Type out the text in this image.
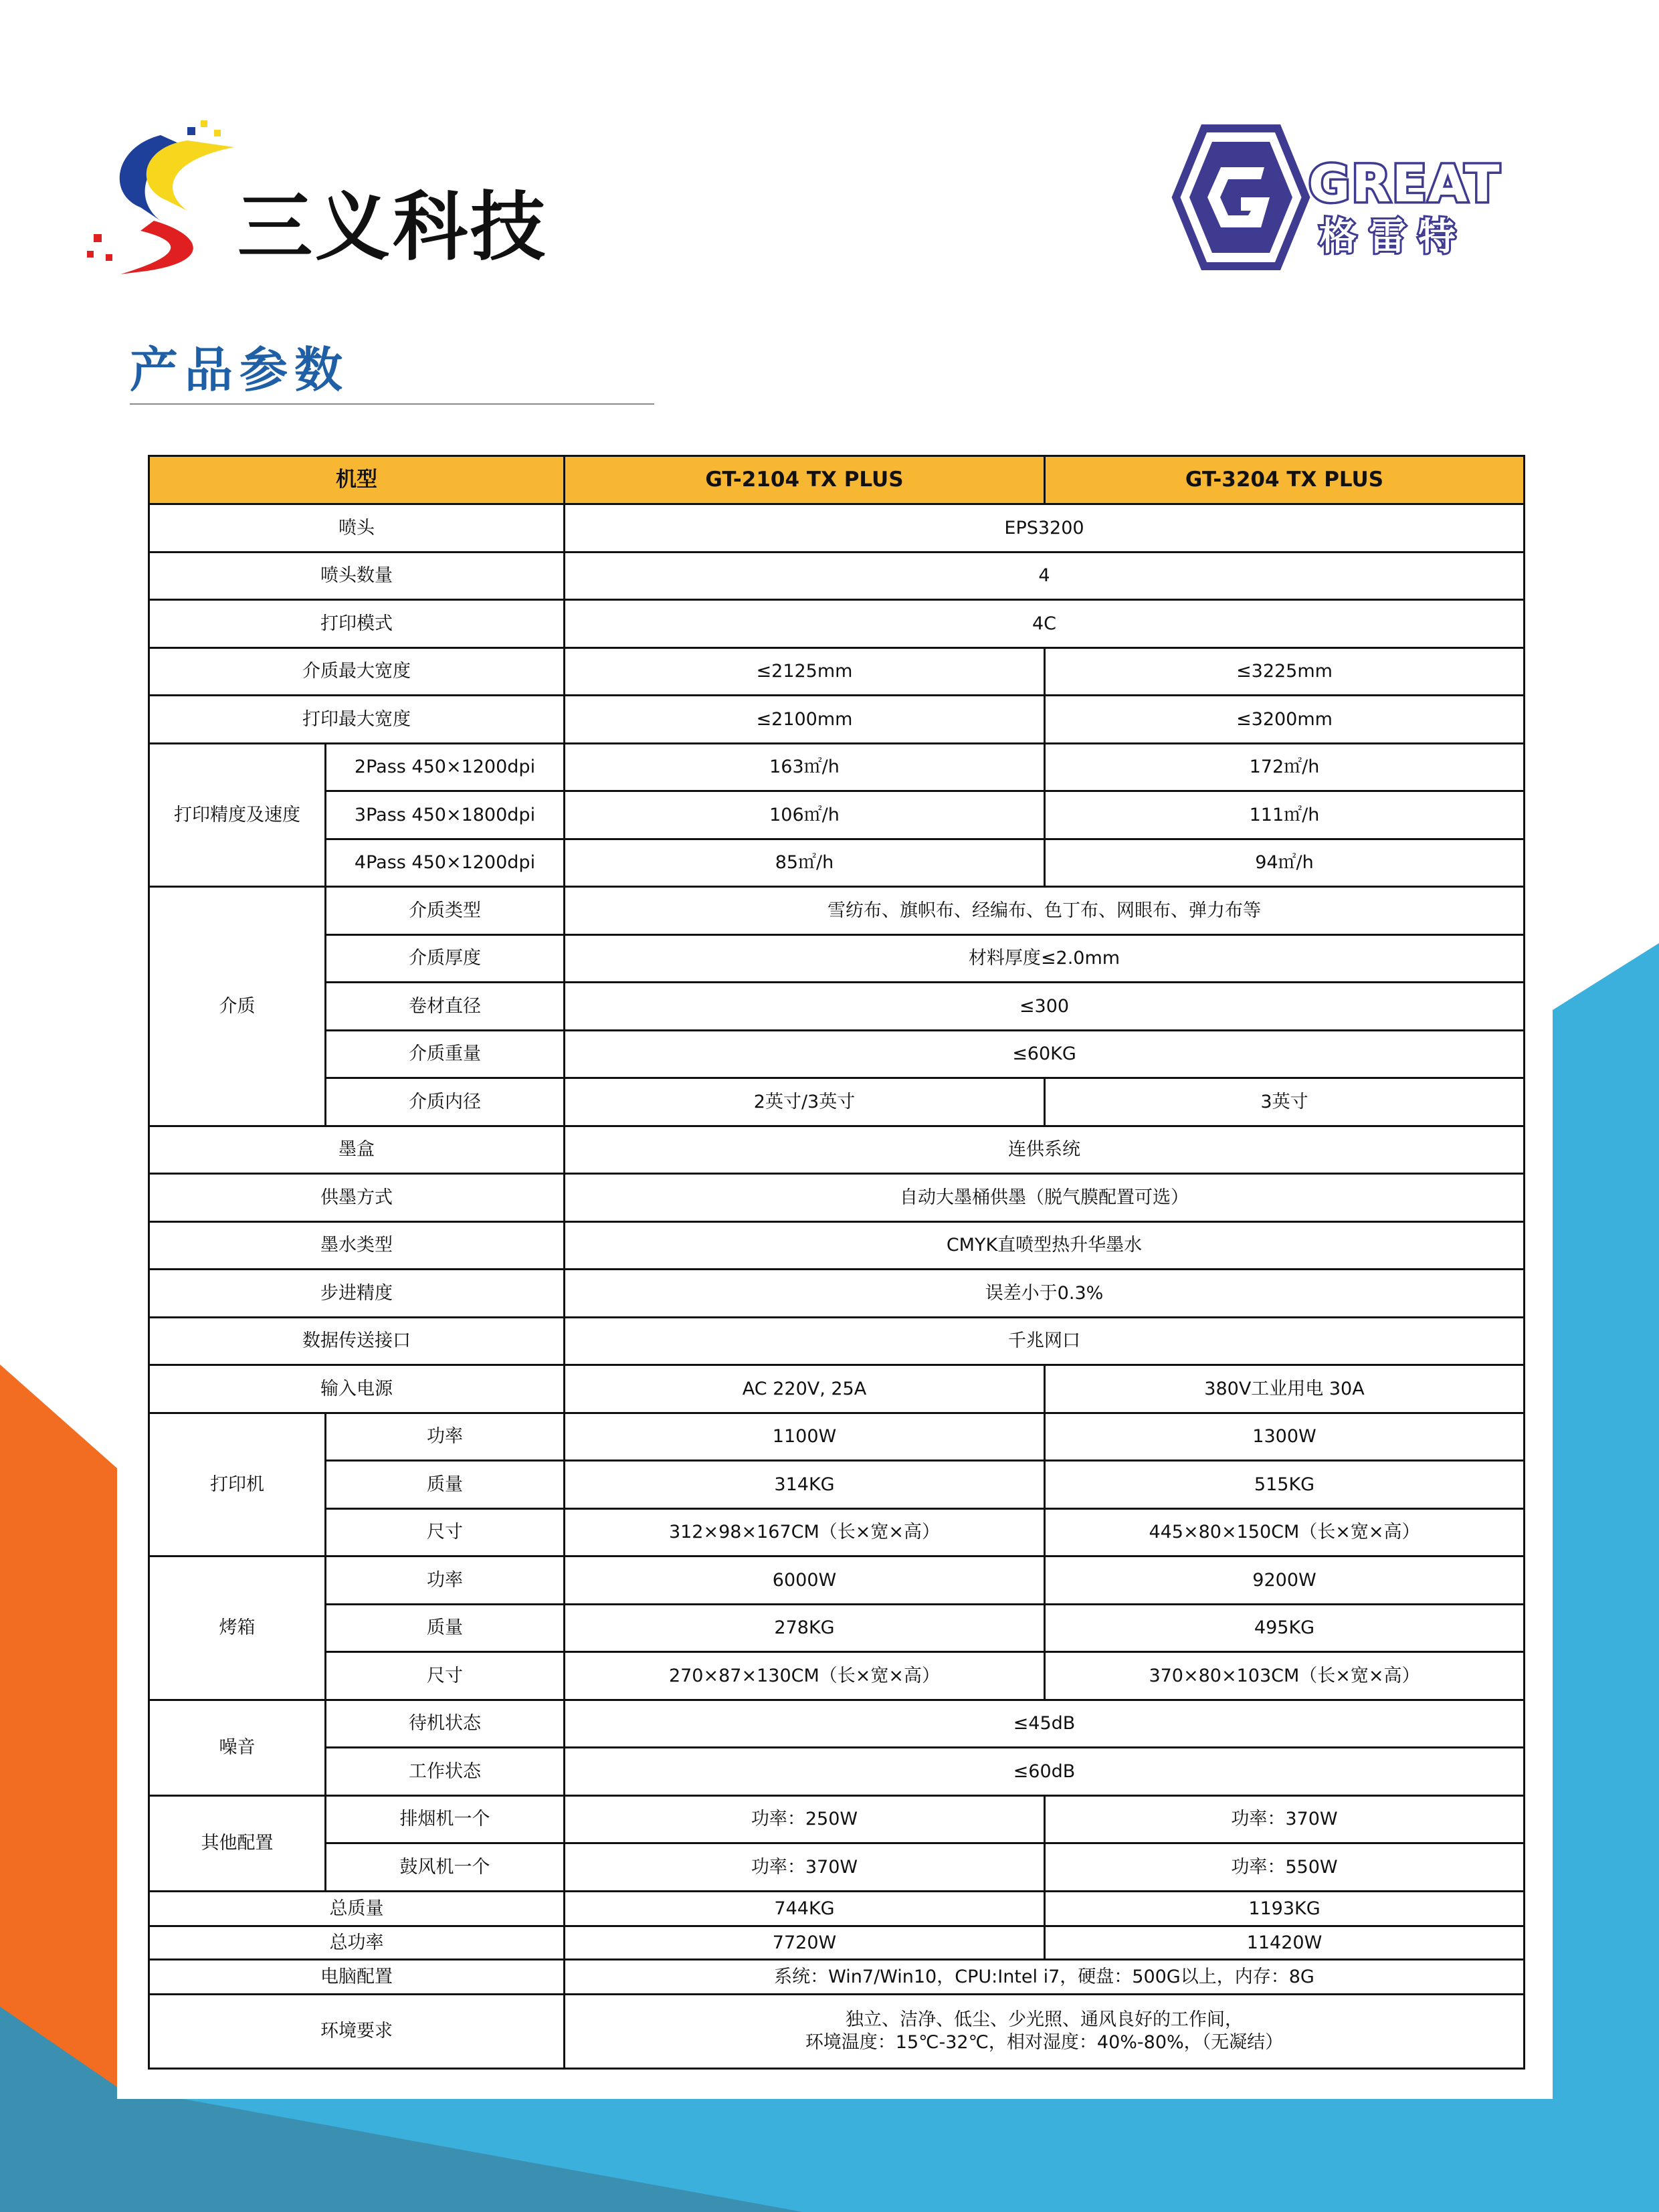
三义科技
GREAT
格雷特
产品参数
机型		GT-2104 TX PLUS	GT-3204 TX PLUS
喷头		EPS3200	
喷头数量		4	
打印模式		4C	
介质最大宽度		≤2125mm	≤3225mm
打印最大宽度		≤2100mm	≤3200mm
打印精度及速度	2Pass 450×1200dpi	163㎡/h	172㎡/h
	3Pass 450×1800dpi	106㎡/h	111㎡/h
	4Pass 450×1200dpi	85㎡/h	94㎡/h
介质	介质类型	雪纺布、旗帜布、经编布、色丁布、网眼布、弹力布等	
	介质厚度	材料厚度≤2.0mm	
	卷材直径	≤300	
	介质重量	≤60KG	
	介质内径	2英寸/3英寸	3英寸
墨盒		连供系统	
供墨方式		自动大墨桶供墨（脱气膜配置可选）	
墨水类型		CMYK直喷型热升华墨水	
步进精度		误差小于0.3%	
数据传送接口		千兆网口	
输入电源		AC 220V, 25A	380V工业用电 30A
打印机	功率	1100W	1300W
	质量	314KG	515KG
	尺寸	312×98×167CM（长×宽×高）	445×80×150CM（长×宽×高）
烤箱	功率	6000W	9200W
	质量	278KG	495KG
	尺寸	270×87×130CM（长×宽×高）	370×80×103CM（长×宽×高）
噪音	待机状态	≤45dB	
	工作状态	≤60dB	
其他配置	排烟机一个	功率：250W	功率：370W
	鼓风机一个	功率：370W	功率：550W
总质量		744KG	1193KG
总功率		7720W	11420W
电脑配置		系统：Win7/Win10，CPU:Intel i7，硬盘：500G以上，内存：8G	
环境要求		独立、洁净、低尘、少光照、通风良好的工作间，
环境温度：15℃-32℃，相对湿度：40%-80%，（无凝结）	
